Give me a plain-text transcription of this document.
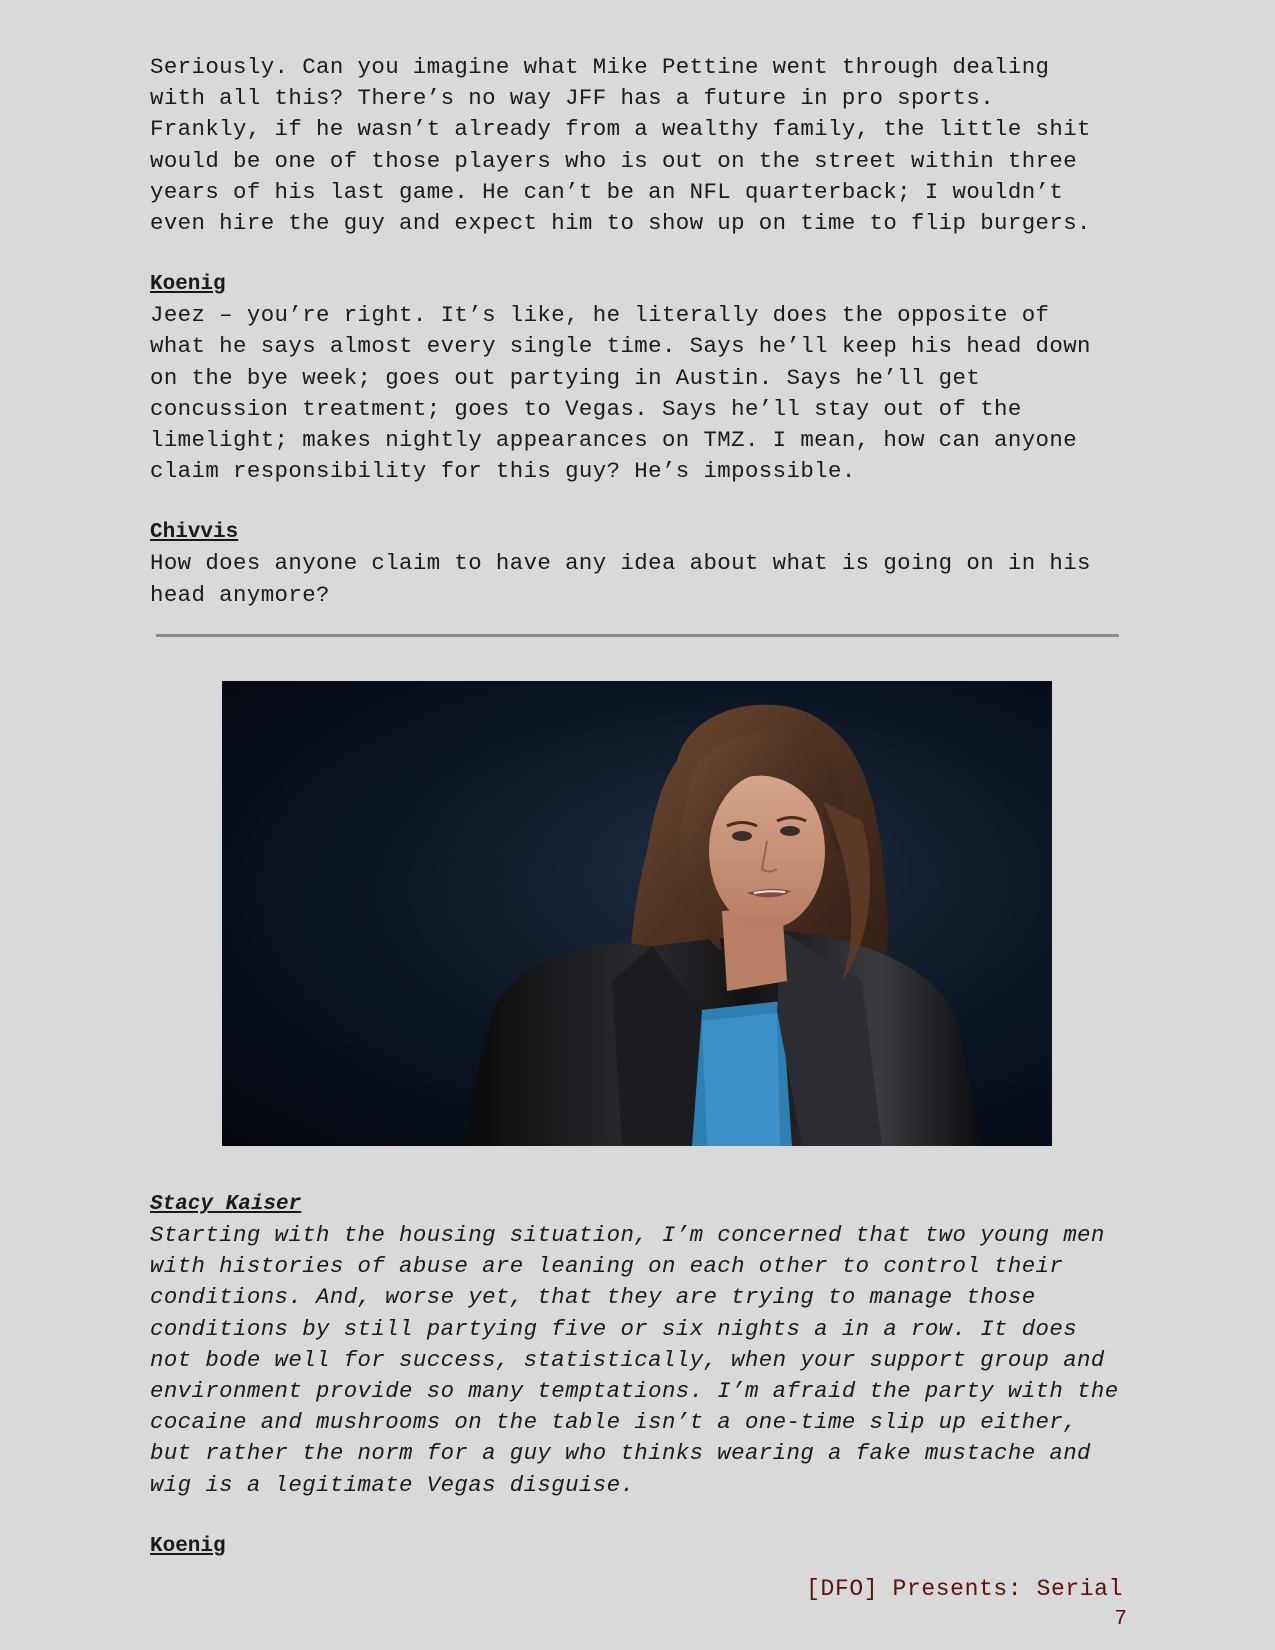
Seriously. Can you imagine what Mike Pettine went through dealing
with all this? There’s no way JFF has a future in pro sports.
Frankly, if he wasn’t already from a wealthy family, the little shit
would be one of those players who is out on the street within three
years of his last game. He can’t be an NFL quarterback; I wouldn’t
even hire the guy and expect him to show up on time to flip burgers.

Koenig

Jeez – you’re right. It’s like, he literally does the opposite of
what he says almost every single time. Says he’ll keep his head down
on the bye week; goes out partying in Austin. Says he’ll get
concussion treatment; goes to Vegas. Says he’ll stay out of the
limelight; makes nightly appearances on TMZ. I mean, how can anyone
claim responsibility for this guy? He’s impossible.

Chivvis

How does anyone claim to have any idea about what is going on in his
head anymore?

Stacy Kaiser

Starting with the housing situation, I’m concerned that two young men
with histories of abuse are leaning on each other to control their
conditions. And, worse yet, that they are trying to manage those
conditions by still partying five or six nights a in a row. It does
not bode well for success, statistically, when your support group and
environment provide so many temptations. I’m afraid the party with the
cocaine and mushrooms on the table isn’t a one-time slip up either,
but rather the norm for a guy who thinks wearing a fake mustache and
wig is a legitimate Vegas disguise.

Koenig
[DFO] Presents: Serial
7
